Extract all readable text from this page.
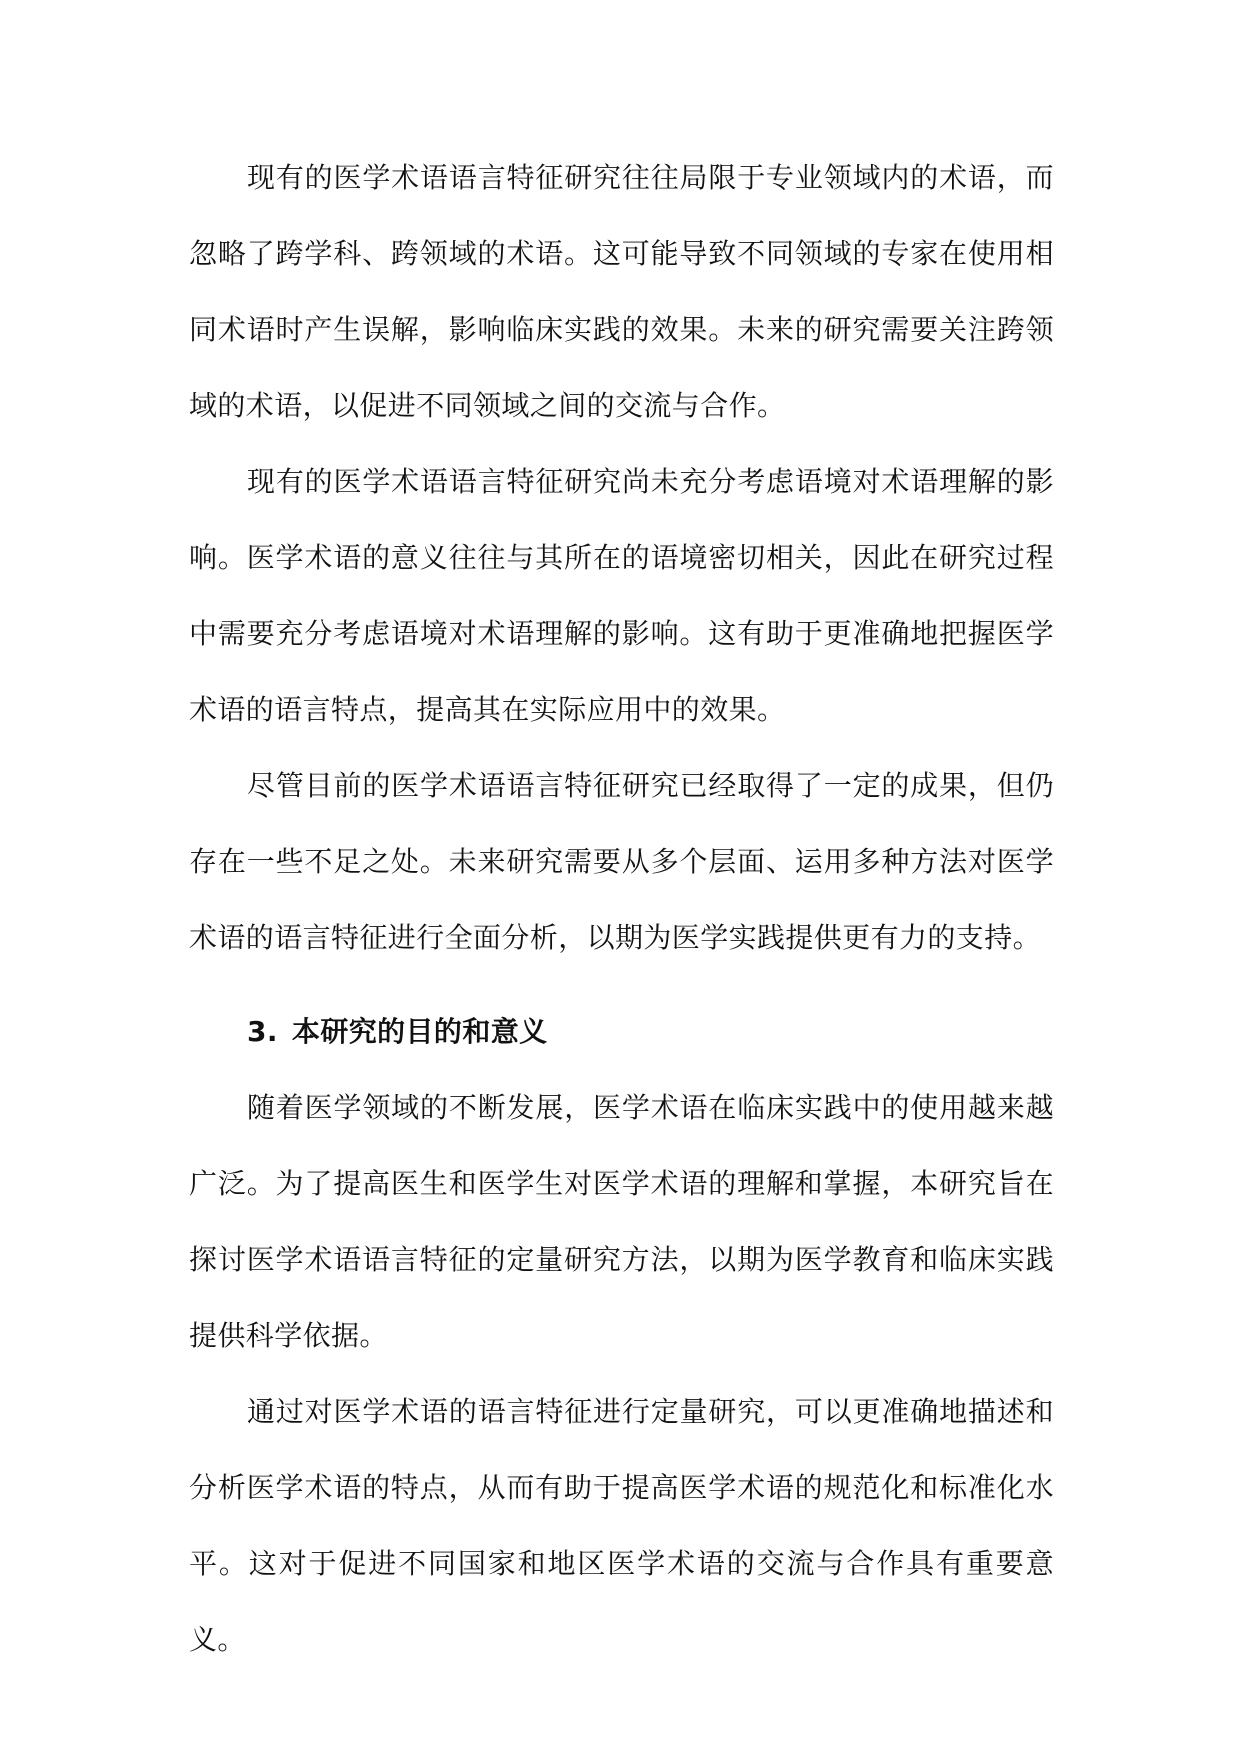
现有的医学术语语言特征研究往往局限于专业领域内的术语，而忽略了跨学科、跨领域的术语。这可能导致不同领域的专家在使用相同术语时产生误解，影响临床实践的效果。未来的研究需要关注跨领域的术语，以促进不同领域之间的交流与合作。

现有的医学术语语言特征研究尚未充分考虑语境对术语理解的影响。医学术语的意义往往与其所在的语境密切相关，因此在研究过程中需要充分考虑语境对术语理解的影响。这有助于更准确地把握医学术语的语言特点，提高其在实际应用中的效果。

尽管目前的医学术语语言特征研究已经取得了一定的成果，但仍存在一些不足之处。未来研究需要从多个层面、运用多种方法对医学术语的语言特征进行全面分析，以期为医学实践提供更有力的支持。

3. 本研究的目的和意义

随着医学领域的不断发展，医学术语在临床实践中的使用越来越广泛。为了提高医生和医学生对医学术语的理解和掌握，本研究旨在探讨医学术语语言特征的定量研究方法，以期为医学教育和临床实践提供科学依据。

通过对医学术语的语言特征进行定量研究，可以更准确地描述和分析医学术语的特点，从而有助于提高医学术语的规范化和标准化水平。这对于促进不同国家和地区医学术语的交流与合作具有重要意义。
